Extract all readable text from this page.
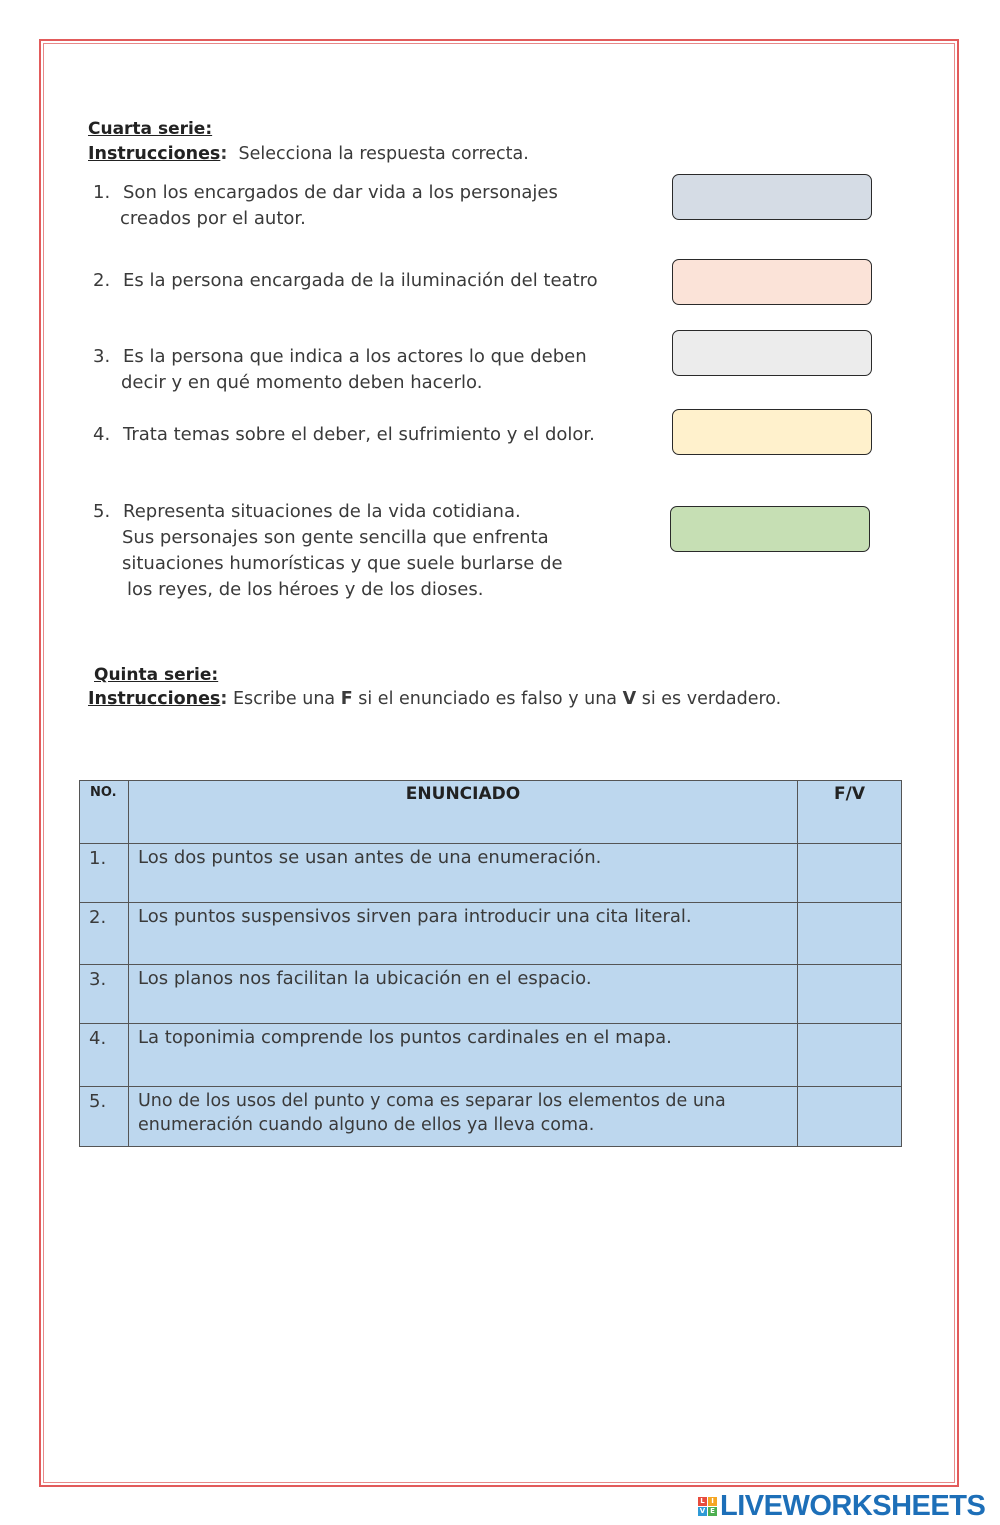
Cuarta serie:
Instrucciones: Selecciona la respuesta correcta.
1. Son los encargados de dar vida a los personajes
creados por el autor.
2. Es la persona encargada de la iluminación del teatro
3. Es la persona que indica a los actores lo que deben
decir y en qué momento deben hacerlo.
4. Trata temas sobre el deber, el sufrimiento y el dolor.
5. Representa situaciones de la vida cotidiana.
Sus personajes son gente sencilla que enfrenta
situaciones humorísticas y que suele burlarse de
los reyes, de los héroes y de los dioses.
Quinta serie:
Instrucciones: Escribe una F si el enunciado es falso y una V si es verdadero.
NO.	ENUNCIADO	F/V
1.	Los dos puntos se usan antes de una enumeración.	
2.	Los puntos suspensivos sirven para introducir una cita literal.	
3.	Los planos nos facilitan la ubicación en el espacio.	
4.	La toponimia comprende los puntos cardinales en el mapa.	
5.	Uno de los usos del punto y coma es separar los elementos de una enumeración cuando alguno de ellos ya lleva coma.	
L I
V E LIVEWORKSHEETS
